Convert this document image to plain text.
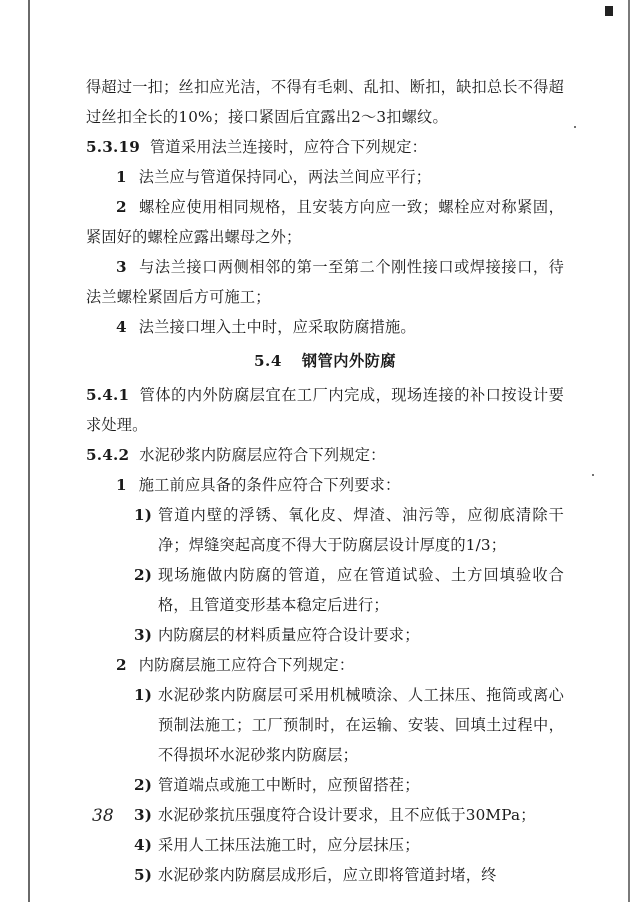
得超过一扣；丝扣应光洁，不得有毛刺、乱扣、断扣，缺扣总长不得超过丝扣全长的10%；接口紧固后宜露出2～3扣螺纹。

5.3.19 管道采用法兰连接时，应符合下列规定：

1 法兰应与管道保持同心，两法兰间应平行；

2 螺栓应使用相同规格，且安装方向应一致；螺栓应对称紧固，紧固好的螺栓应露出螺母之外；

3 与法兰接口两侧相邻的第一至第二个刚性接口或焊接接口，待法兰螺栓紧固后方可施工；

4 法兰接口埋入土中时，应采取防腐措施。

5.4 钢管内外防腐

5.4.1 管体的内外防腐层宜在工厂内完成，现场连接的补口按设计要求处理。

5.4.2 水泥砂浆内防腐层应符合下列规定：

1 施工前应具备的条件应符合下列要求：

1) 管道内壁的浮锈、氧化皮、焊渣、油污等，应彻底清除干净；焊缝突起高度不得大于防腐层设计厚度的1/3；

2) 现场施做内防腐的管道，应在管道试验、土方回填验收合格，且管道变形基本稳定后进行；

3) 内防腐层的材料质量应符合设计要求；

2 内防腐层施工应符合下列规定：

1) 水泥砂浆内防腐层可采用机械喷涂、人工抹压、拖筒或离心预制法施工；工厂预制时，在运输、安装、回填土过程中，不得损坏水泥砂浆内防腐层；

2) 管道端点或施工中断时，应预留搭茬；

3) 水泥砂浆抗压强度符合设计要求，且不应低于30MPa；

4) 采用人工抹压法施工时，应分层抹压；

5) 水泥砂浆内防腐层成形后，应立即将管道封堵，终

38
